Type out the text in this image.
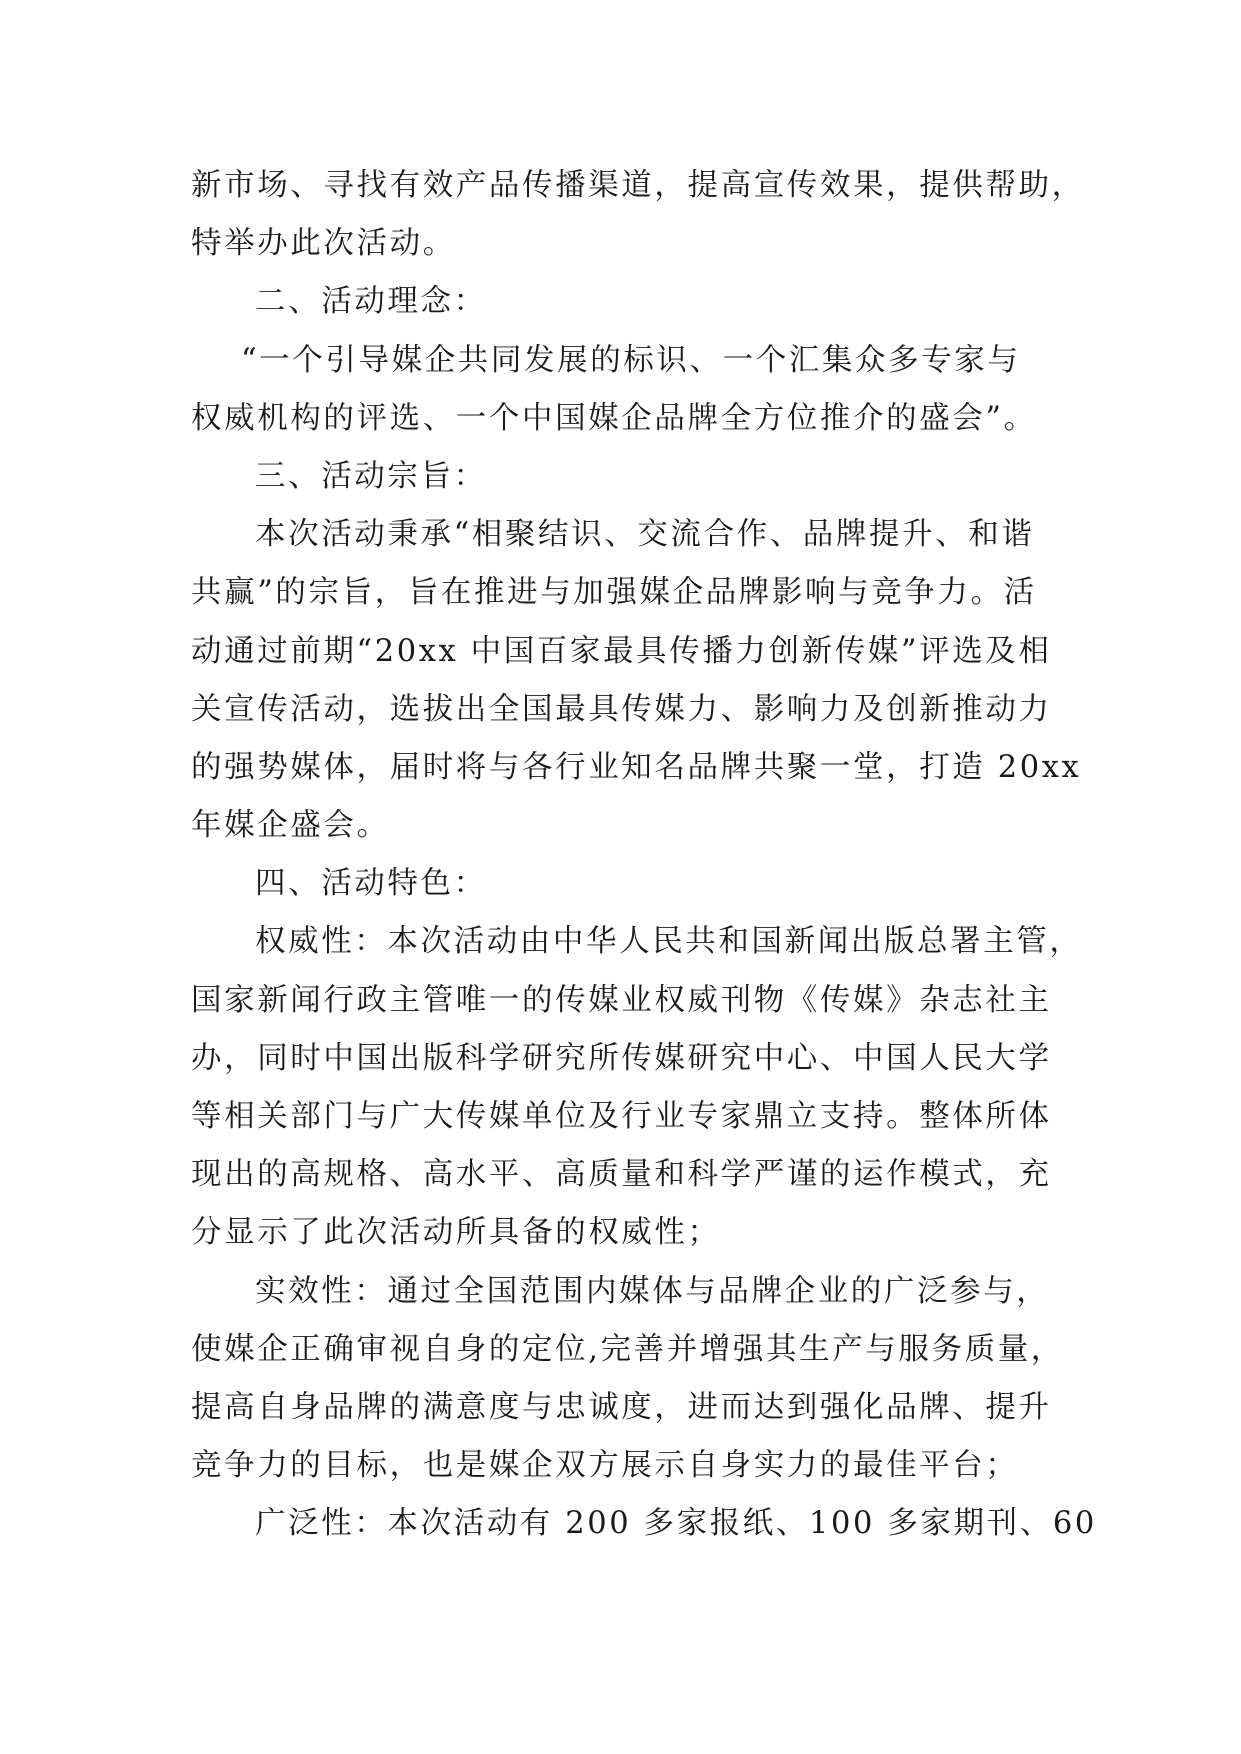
新市场、寻找有效产品传播渠道，提高宣传效果，提供帮助，
特举办此次活动。
二、活动理念：
“一个引导媒企共同发展的标识、一个汇集众多专家与
权威机构的评选、一个中国媒企品牌全方位推介的盛会”。
三、活动宗旨：
本次活动秉承“相聚结识、交流合作、品牌提升、和谐
共赢”的宗旨，旨在推进与加强媒企品牌影响与竞争力。活
动通过前期“20xx 中国百家最具传播力创新传媒”评选及相
关宣传活动，选拔出全国最具传媒力、影响力及创新推动力
的强势媒体，届时将与各行业知名品牌共聚一堂，打造 20xx
年媒企盛会。
四、活动特色：
权威性：本次活动由中华人民共和国新闻出版总署主管，
国家新闻行政主管唯一的传媒业权威刊物《传媒》杂志社主
办，同时中国出版科学研究所传媒研究中心、中国人民大学
等相关部门与广大传媒单位及行业专家鼎立支持。整体所体
现出的高规格、高水平、高质量和科学严谨的运作模式，充
分显示了此次活动所具备的权威性；
实效性：通过全国范围内媒体与品牌企业的广泛参与，
使媒企正确审视自身的定位,完善并增强其生产与服务质量，
提高自身品牌的满意度与忠诚度，进而达到强化品牌、提升
竞争力的目标，也是媒企双方展示自身实力的最佳平台；
广泛性：本次活动有 200 多家报纸、100 多家期刊、60
